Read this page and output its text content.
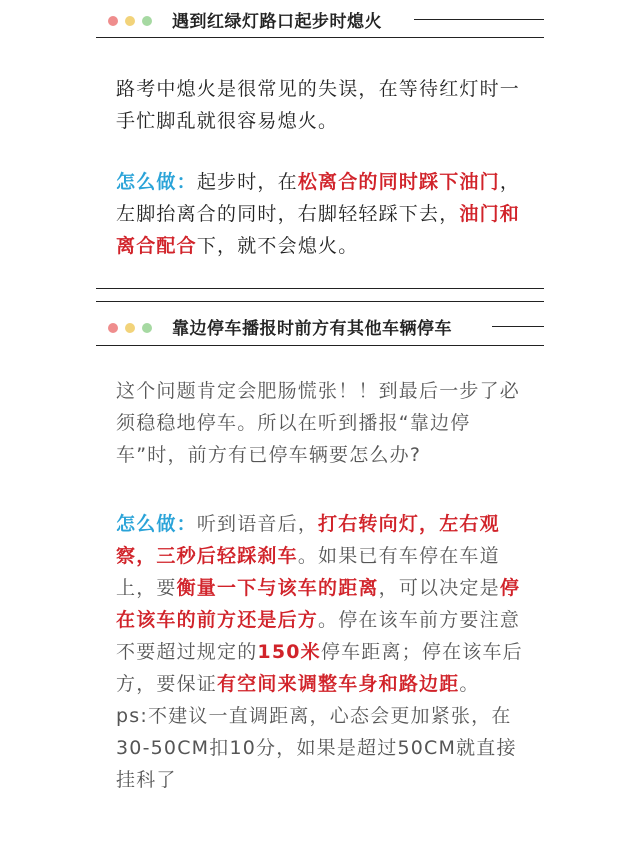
遇到红绿灯路口起步时熄火

路考中熄火是很常见的失误，在等待红灯时一手忙脚乱就很容易熄火。

怎么做：起步时，在松离合的同时踩下油门，左脚抬离合的同时，右脚轻轻踩下去，油门和离合配合下，就不会熄火。

靠边停车播报时前方有其他车辆停车

这个问题肯定会肥肠慌张！！到最后一步了必须稳稳地停车。所以在听到播报“靠边停车”时，前方有已停车辆要怎么办?

怎么做：听到语音后，打右转向灯，左右观察，三秒后轻踩刹车。如果已有车停在车道上，要衡量一下与该车的距离，可以决定是停在该车的前方还是后方。停在该车前方要注意不要超过规定的150米停车距离；停在该车后方，要保证有空间来调整车身和路边距。

ps:不建议一直调距离，心态会更加紧张，在30-50CM扣10分，如果是超过50CM就直接挂科了
